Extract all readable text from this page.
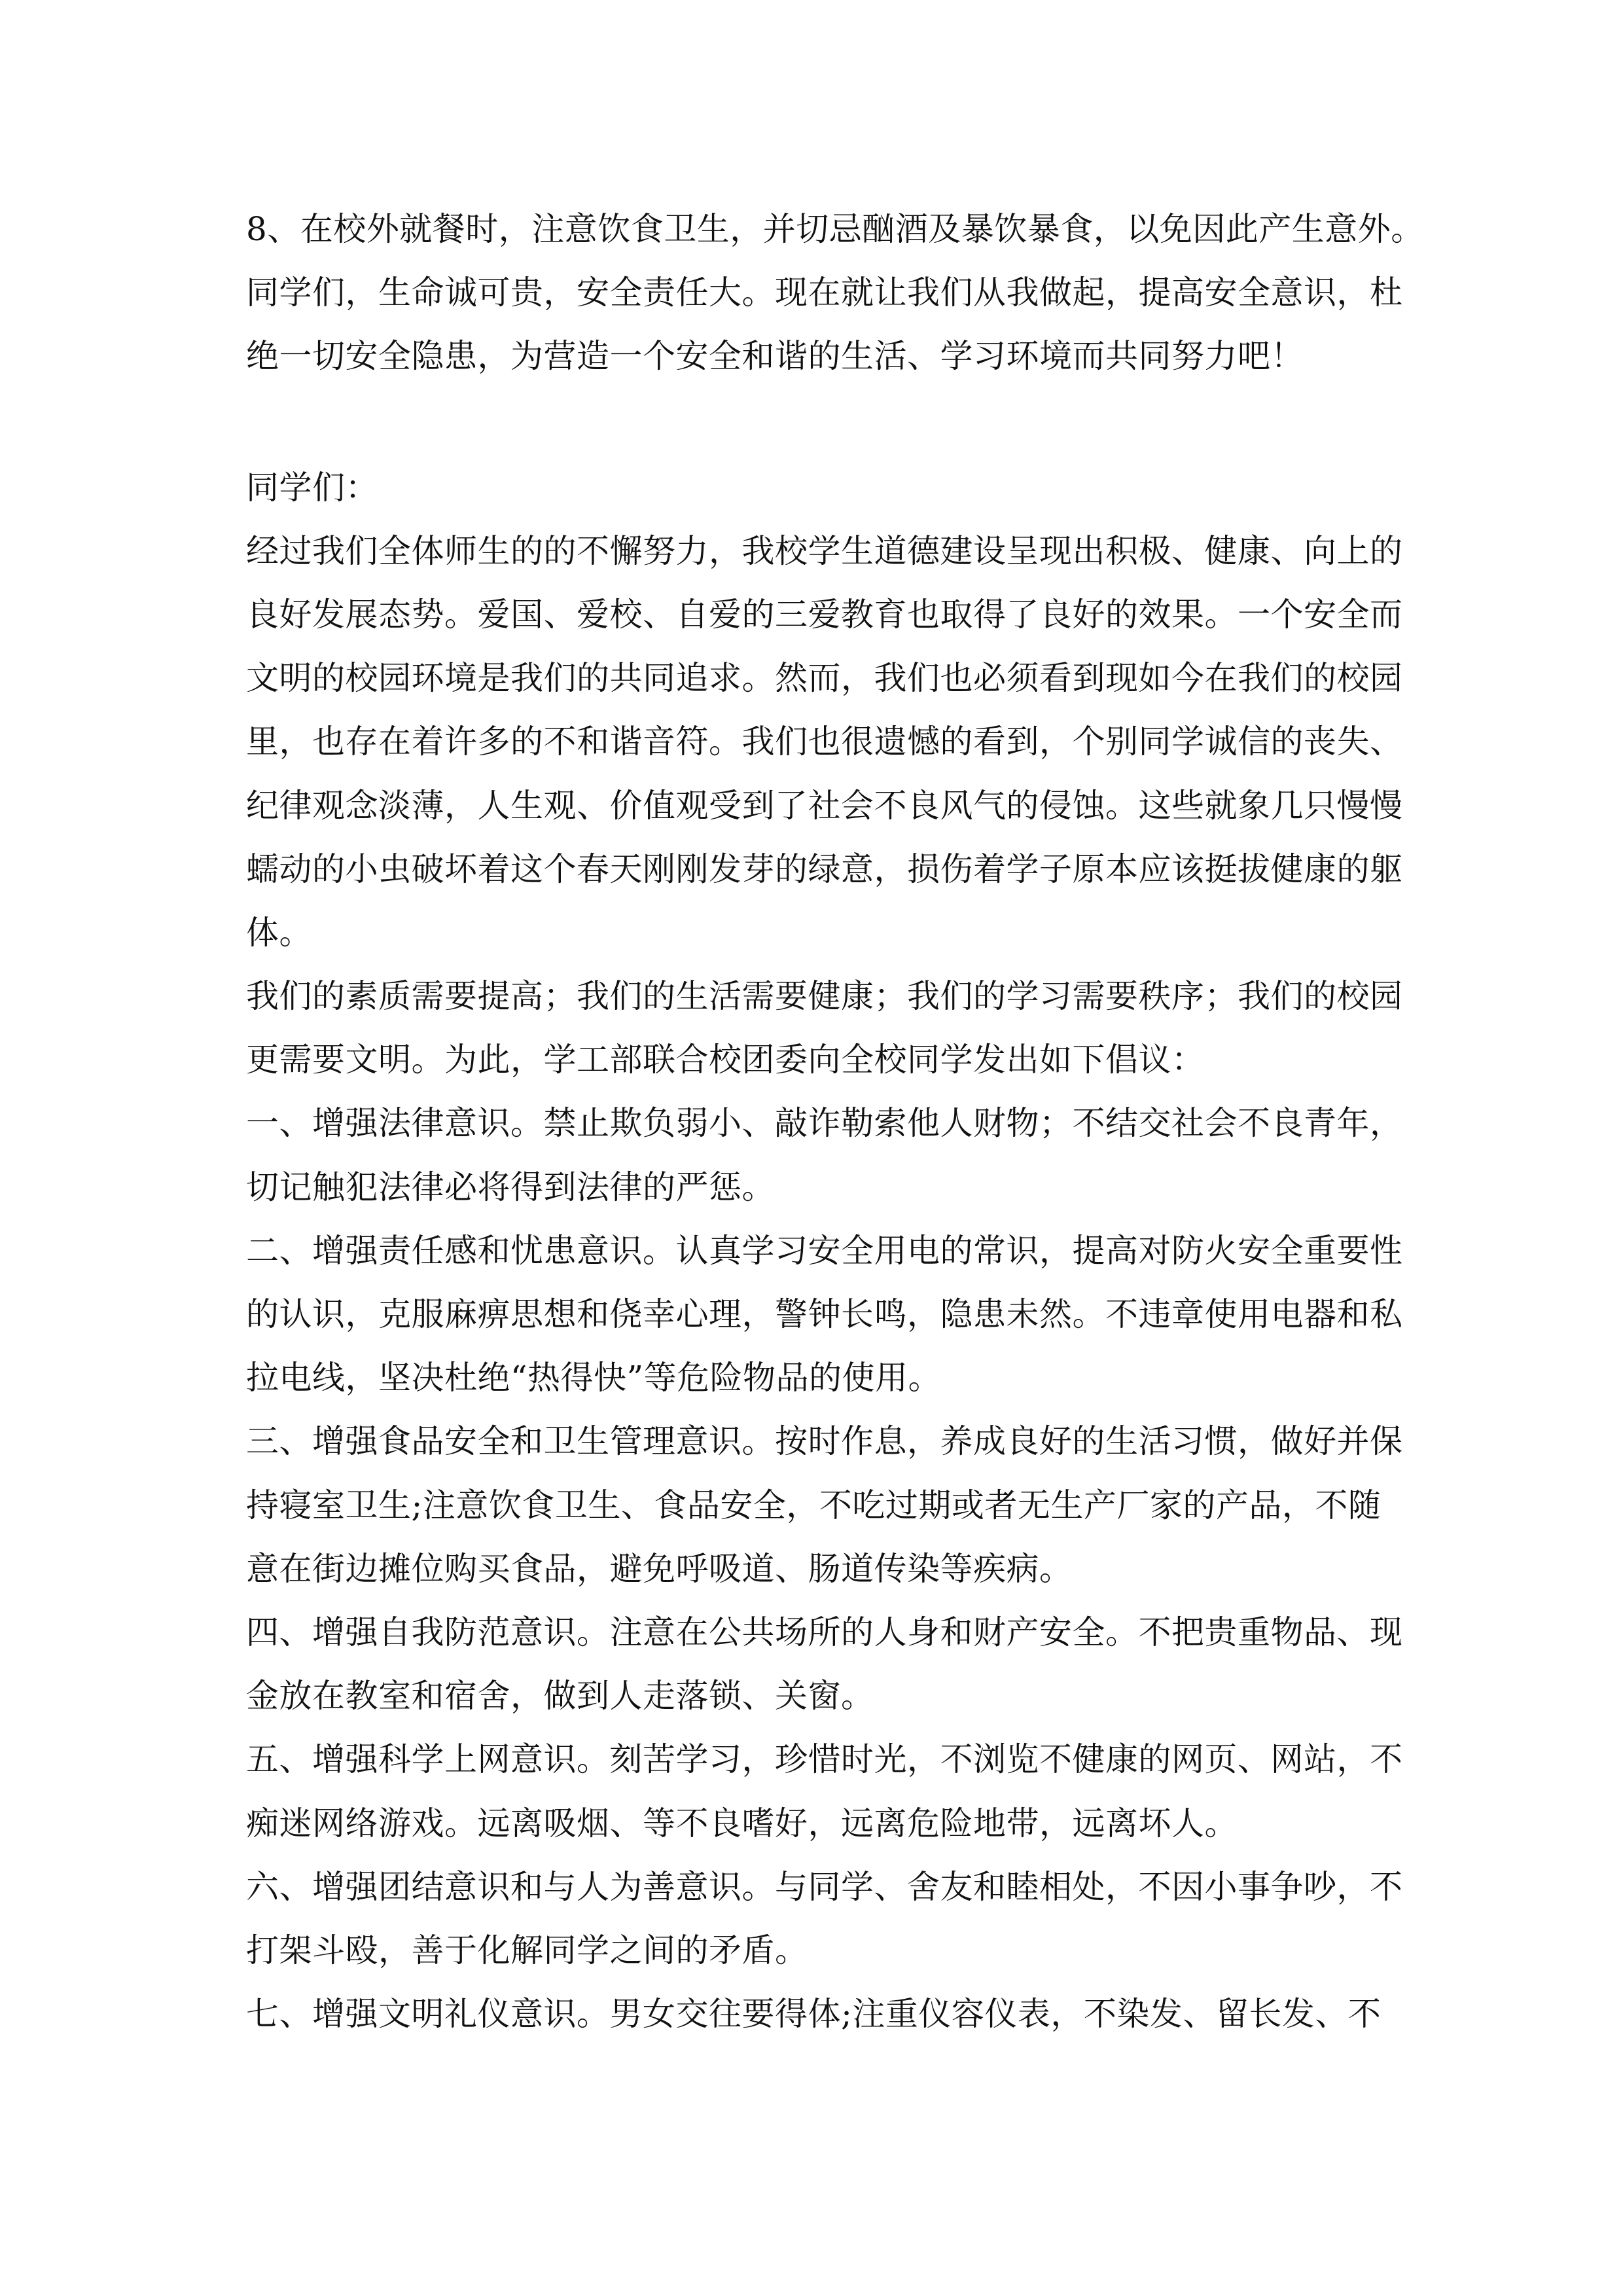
8、在校外就餐时，注意饮食卫生，并切忌酗酒及暴饮暴食，以免因此产生意外。
同学们，生命诚可贵，安全责任大。现在就让我们从我做起，提高安全意识，杜
绝一切安全隐患，为营造一个安全和谐的生活、学习环境而共同努力吧！
同学们：
经过我们全体师生的的不懈努力，我校学生道德建设呈现出积极、健康、向上的
良好发展态势。爱国、爱校、自爱的三爱教育也取得了良好的效果。一个安全而
文明的校园环境是我们的共同追求。然而，我们也必须看到现如今在我们的校园
里，也存在着许多的不和谐音符。我们也很遗憾的看到，个别同学诚信的丧失、
纪律观念淡薄，人生观、价值观受到了社会不良风气的侵蚀。这些就象几只慢慢
蠕动的小虫破坏着这个春天刚刚发芽的绿意，损伤着学子原本应该挺拔健康的躯
体。
我们的素质需要提高；我们的生活需要健康；我们的学习需要秩序；我们的校园
更需要文明。为此，学工部联合校团委向全校同学发出如下倡议：
一、增强法律意识。禁止欺负弱小、敲诈勒索他人财物；不结交社会不良青年，
切记触犯法律必将得到法律的严惩。
二、增强责任感和忧患意识。认真学习安全用电的常识，提高对防火安全重要性
的认识，克服麻痹思想和侥幸心理，警钟长鸣，隐患未然。不违章使用电器和私
拉电线，坚决杜绝“热得快”等危险物品的使用。
三、增强食品安全和卫生管理意识。按时作息，养成良好的生活习惯，做好并保
持寝室卫生;注意饮食卫生、食品安全，不吃过期或者无生产厂家的产品，不随
意在街边摊位购买食品，避免呼吸道、肠道传染等疾病。
四、增强自我防范意识。注意在公共场所的人身和财产安全。不把贵重物品、现
金放在教室和宿舍，做到人走落锁、关窗。
五、增强科学上网意识。刻苦学习，珍惜时光，不浏览不健康的网页、网站，不
痴迷网络游戏。远离吸烟、等不良嗜好，远离危险地带，远离坏人。
六、增强团结意识和与人为善意识。与同学、舍友和睦相处，不因小事争吵，不
打架斗殴，善于化解同学之间的矛盾。
七、增强文明礼仪意识。男女交往要得体;注重仪容仪表，不染发、留长发、不
